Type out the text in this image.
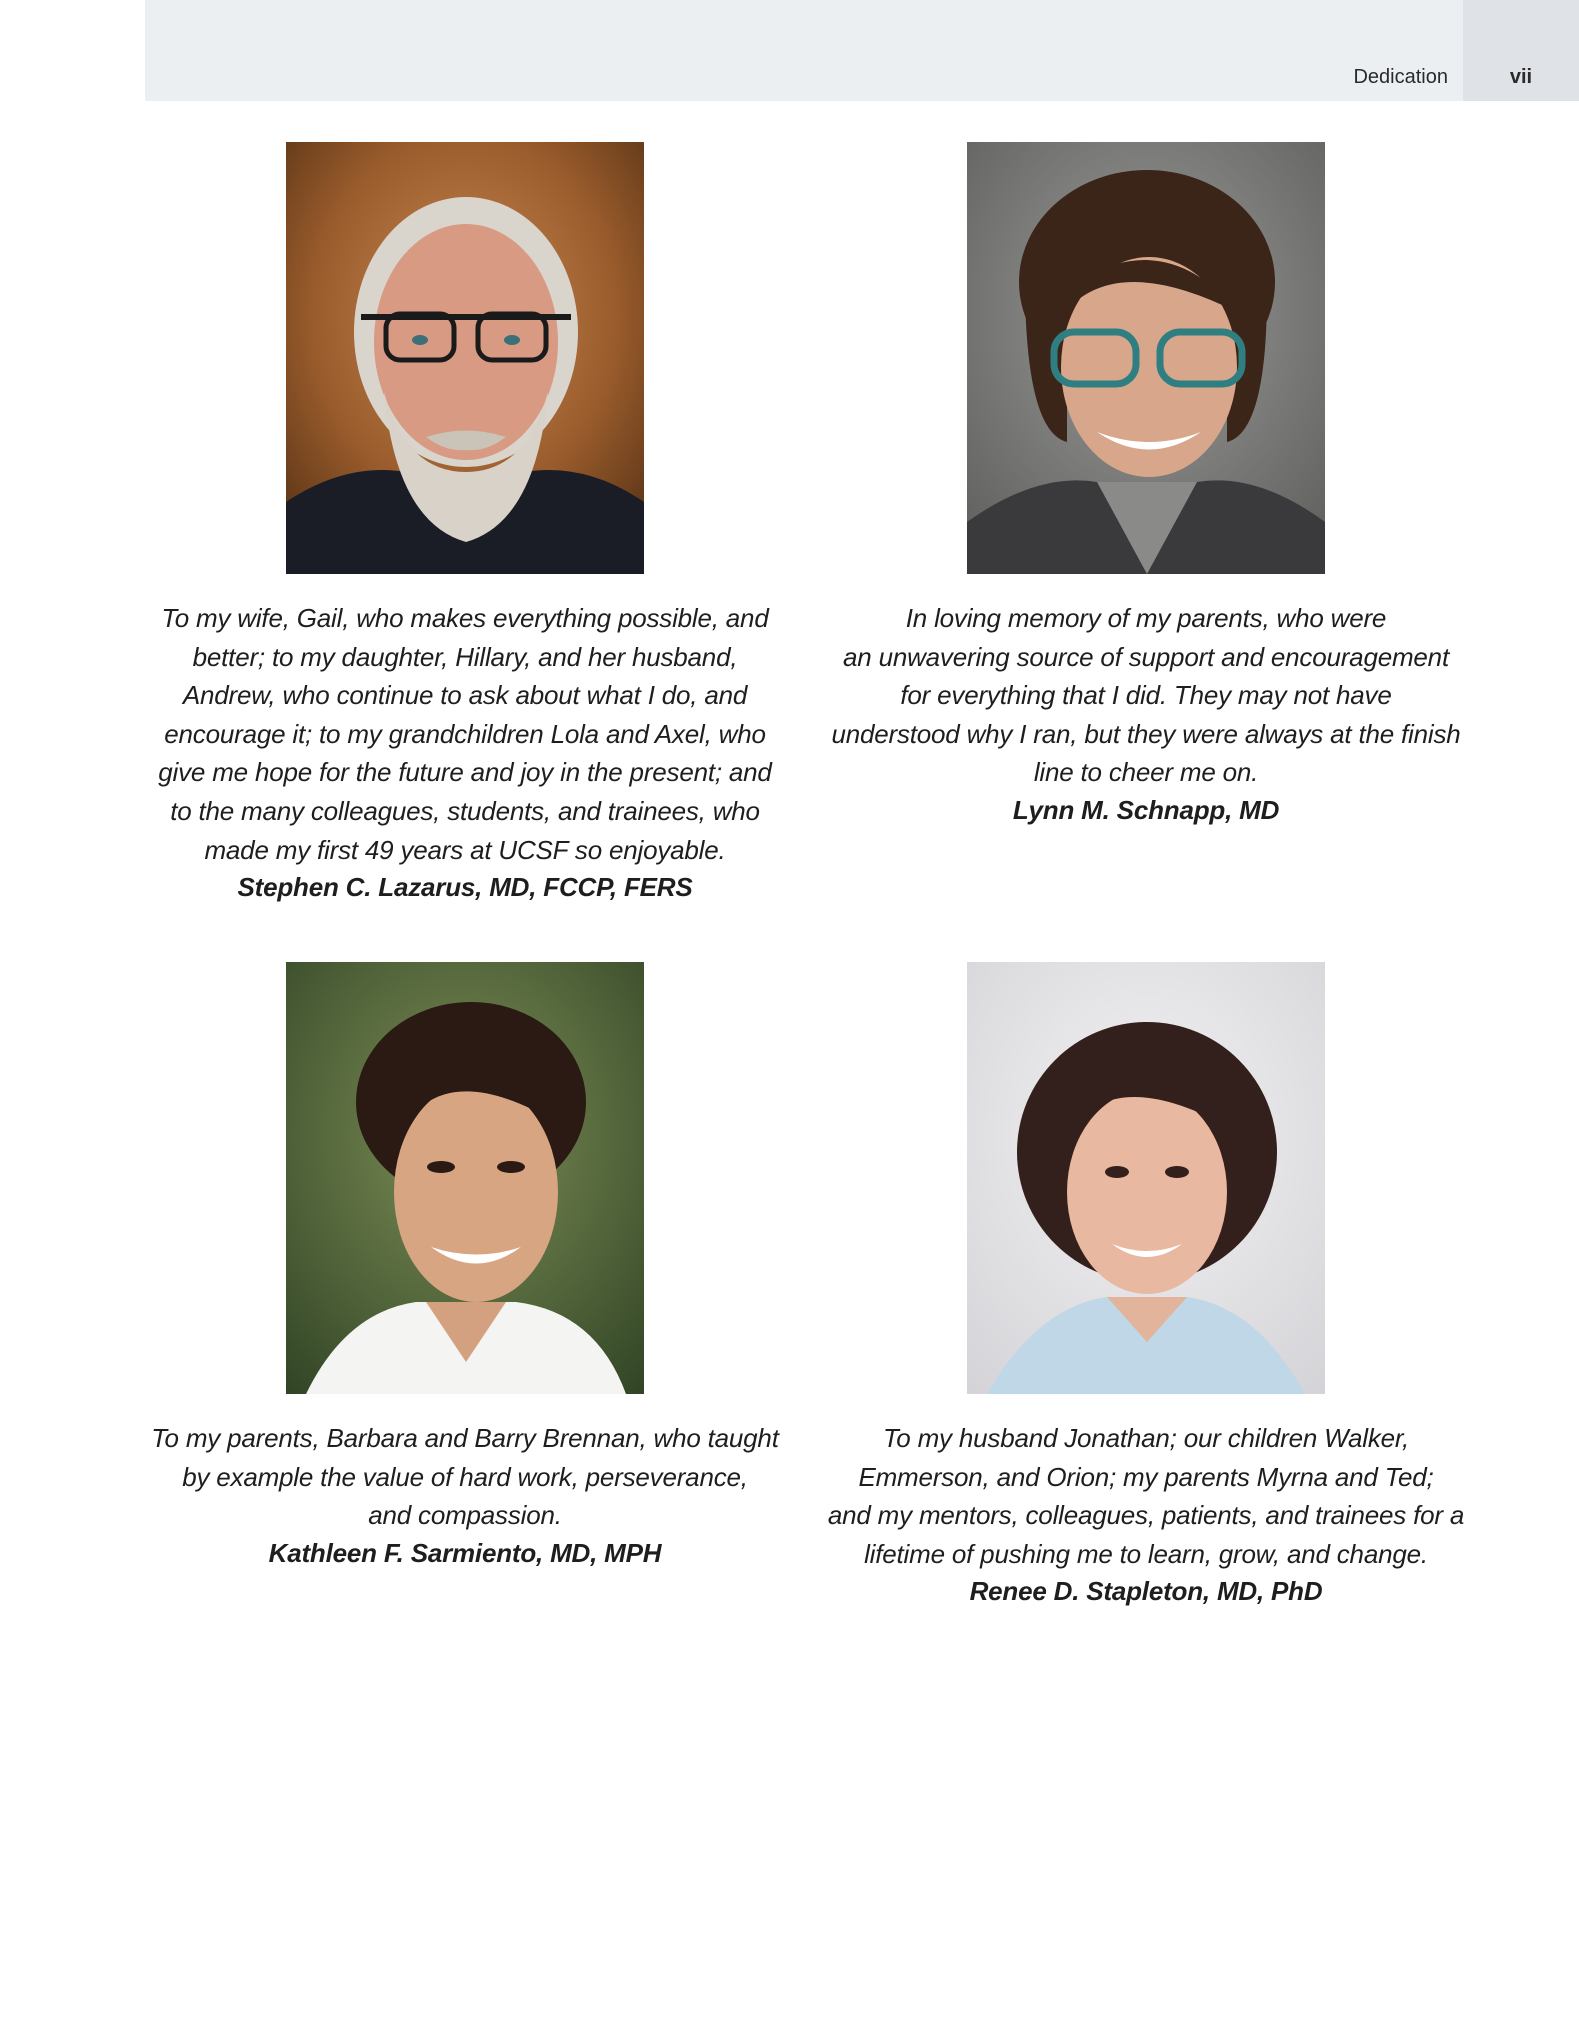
Dedication	vii
To my wife, Gail, who makes everything possible, and
better; to my daughter, Hillary, and her husband,
Andrew, who continue to ask about what I do, and
encourage it; to my grandchildren Lola and Axel, who
give me hope for the future and joy in the present; and
to the many colleagues, students, and trainees, who
made my first 49 years at UCSF so enjoyable.
Stephen C. Lazarus, MD, FCCP, FERS
In loving memory of my parents, who were
an unwavering source of support and encouragement
for everything that I did. They may not have
understood why I ran, but they were always at the finish
line to cheer me on.
Lynn M. Schnapp, MD
To my parents, Barbara and Barry Brennan, who taught
by example the value of hard work, perseverance,
and compassion.
Kathleen F. Sarmiento, MD, MPH
To my husband Jonathan; our children Walker,
Emmerson, and Orion; my parents Myrna and Ted;
and my mentors, colleagues, patients, and trainees for a
lifetime of pushing me to learn, grow, and change.
Renee D. Stapleton, MD, PhD
